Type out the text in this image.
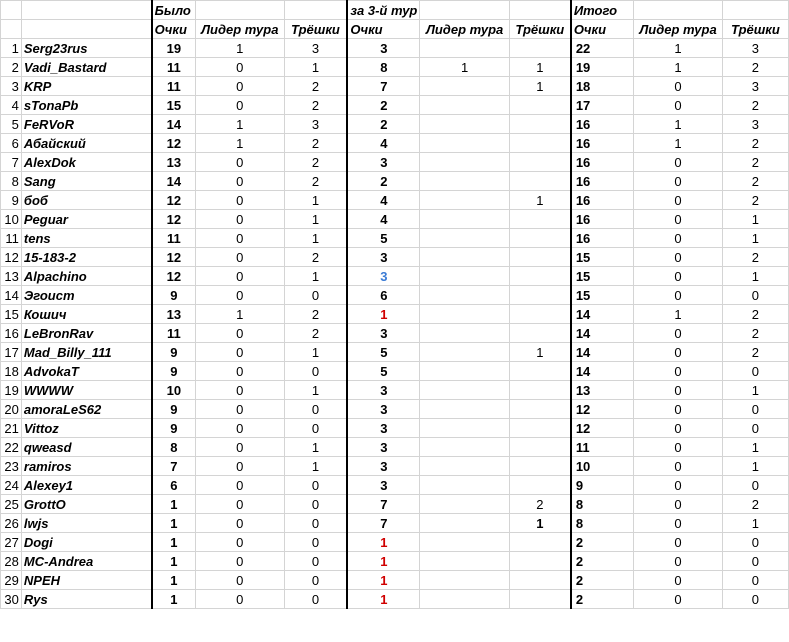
		Было			за 3-й тур			Итого		
		Очки	Лидер тура	Трёшки	Очки	Лидер тура	Трёшки	Очки	Лидер тура	Трёшки
1	Serg23rus	19	1	3	3			22	1	3
2	Vadi_Bastard	11	0	1	8	1	1	19	1	2
3	KRP	11	0	2	7		1	18	0	3
4	sTonaPb	15	0	2	2			17	0	2
5	FeRVoR	14	1	3	2			16	1	3
6	Абайский	12	1	2	4			16	1	2
7	AlexDok	13	0	2	3			16	0	2
8	Sang	14	0	2	2			16	0	2
9	боб	12	0	1	4		1	16	0	2
10	Peguar	12	0	1	4			16	0	1
11	tens	11	0	1	5			16	0	1
12	15-183-2	12	0	2	3			15	0	2
13	Alpachino	12	0	1	3			15	0	1
14	Эгоист	9	0	0	6			15	0	0
15	Кошич	13	1	2	1			14	1	2
16	LeBronRav	11	0	2	3			14	0	2
17	Mad_Billy_111	9	0	1	5		1	14	0	2
18	AdvokaT	9	0	0	5			14	0	0
19	WWWW	10	0	1	3			13	0	1
20	amoraLeS62	9	0	0	3			12	0	0
21	Vittoz	9	0	0	3			12	0	0
22	qweasd	8	0	1	3			11	0	1
23	ramiros	7	0	1	3			10	0	1
24	Alexey1	6	0	0	3			9	0	0
25	GrottO	1	0	0	7		2	8	0	2
26	lwjs	1	0	0	7		1	8	0	1
27	Dogi	1	0	0	1			2	0	0
28	MC-Andrea	1	0	0	1			2	0	0
29	NPEH	1	0	0	1			2	0	0
30	Rys	1	0	0	1			2	0	0
